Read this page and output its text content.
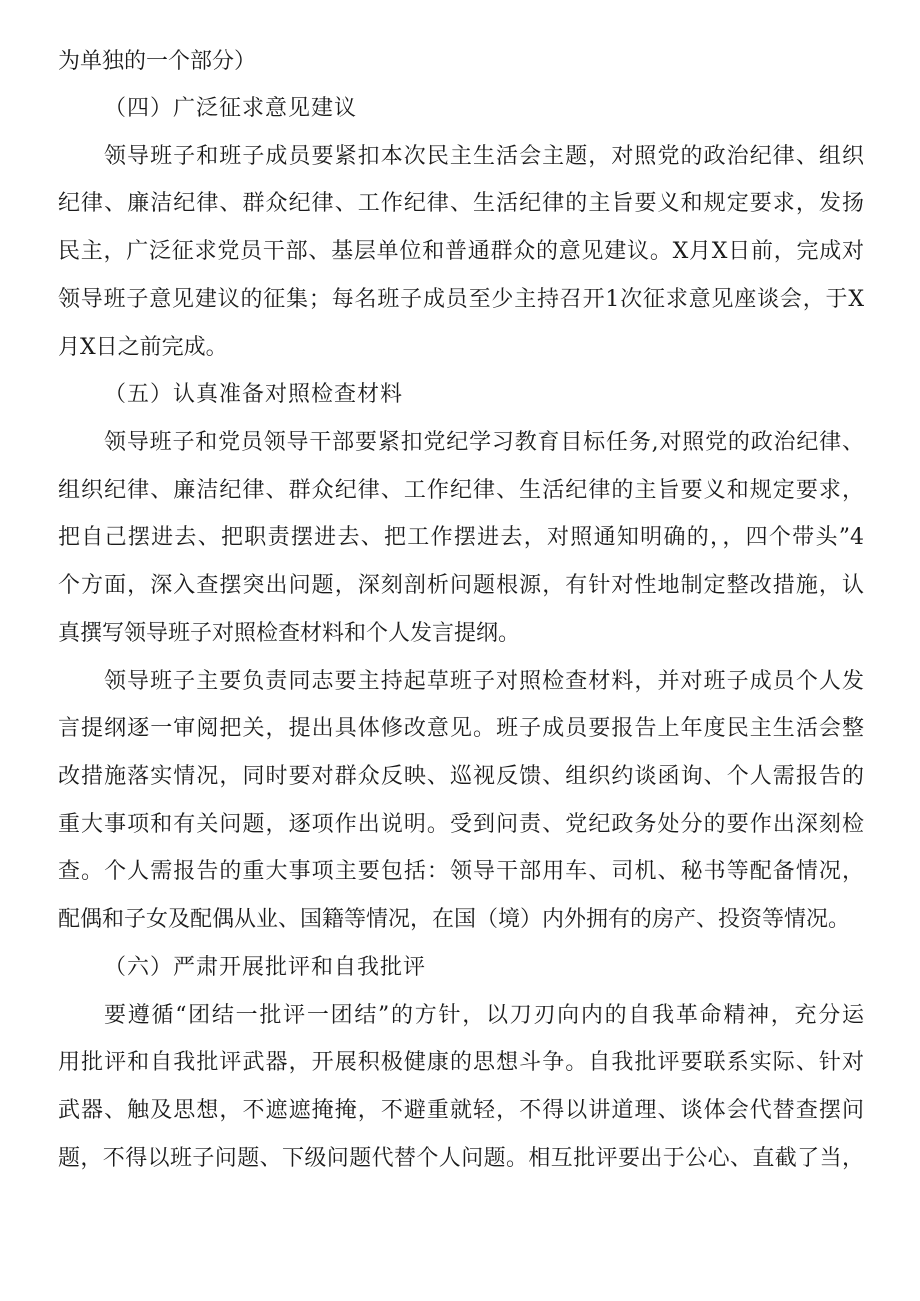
为单独的一个部分）
（四）广泛征求意见建议
领导班子和班子成员要紧扣本次民主生活会主题，对照党的政治纪律、组织
纪律、廉洁纪律、群众纪律、工作纪律、生活纪律的主旨要义和规定要求，发扬
民主，广泛征求党员干部、基层单位和普通群众的意见建议。X月X日前，完成对
领导班子意见建议的征集；每名班子成员至少主持召开1次征求意见座谈会，于X
月X日之前完成。
（五）认真准备对照检查材料
领导班子和党员领导干部要紧扣党纪学习教育目标任务,对照党的政治纪律、
组织纪律、廉洁纪律、群众纪律、工作纪律、生活纪律的主旨要义和规定要求，
把自己摆进去、把职责摆进去、把工作摆进去，对照通知明确的，，四个带头”4
个方面，深入查摆突出问题，深刻剖析问题根源，有针对性地制定整改措施，认
真撰写领导班子对照检查材料和个人发言提纲。
领导班子主要负责同志要主持起草班子对照检查材料，并对班子成员个人发
言提纲逐一审阅把关，提出具体修改意见。班子成员要报告上年度民主生活会整
改措施落实情况，同时要对群众反映、巡视反馈、组织约谈函询、个人需报告的
重大事项和有关问题，逐项作出说明。受到问责、党纪政务处分的要作出深刻检
查。个人需报告的重大事项主要包括：领导干部用车、司机、秘书等配备情况，
配偶和子女及配偶从业、国籍等情况，在国（境）内外拥有的房产、投资等情况。
（六）严肃开展批评和自我批评
要遵循“团结一批评一团结”的方针，以刀刃向内的自我革命精神，充分运
用批评和自我批评武器，开展积极健康的思想斗争。自我批评要联系实际、针对
武器、触及思想，不遮遮掩掩，不避重就轻，不得以讲道理、谈体会代替查摆问
题，不得以班子问题、下级问题代替个人问题。相互批评要出于公心、直截了当，
